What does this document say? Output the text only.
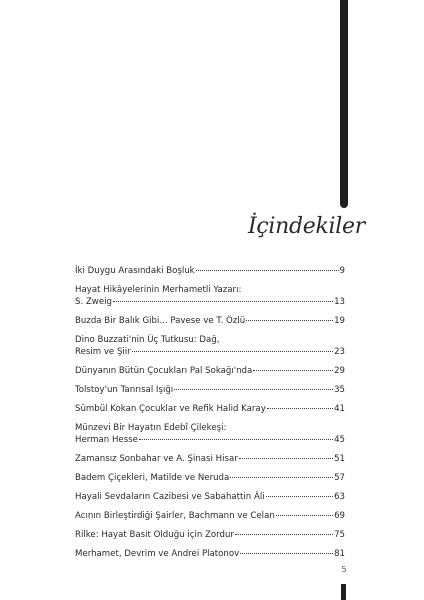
İçindekiler
İki Duygu Arasındaki Boşluk	9
Hayat Hikâyelerinin Merhametli Yazarı:
S. Zweig	13
Buzda Bir Balık Gibi... Pavese ve T. Özlü	19
Dino Buzzati'nin Üç Tutkusu: Dağ,
Resim ve Şiir	23
Dünyanın Bütün Çocukları Pal Sokağı'nda	29
Tolstoy'un Tanrısal Işığı	35
Sümbül Kokan Çocuklar ve Refik Halid Karay	41
Münzevi Bir Hayatın Edebî Çilekeşi:
Herman Hesse	45
Zamansız Sonbahar ve A. Şinasi Hisar	51
Badem Çiçekleri, Matilde ve Neruda	57
Hayali Sevdaların Cazibesi ve Sabahattin Âli	63
Acının Birleştirdiği Şairler, Bachmann ve Celan	69
Rilke: Hayat Basit Olduğu için Zordur	75
Merhamet, Devrim ve Andrei Platonov	81
5
